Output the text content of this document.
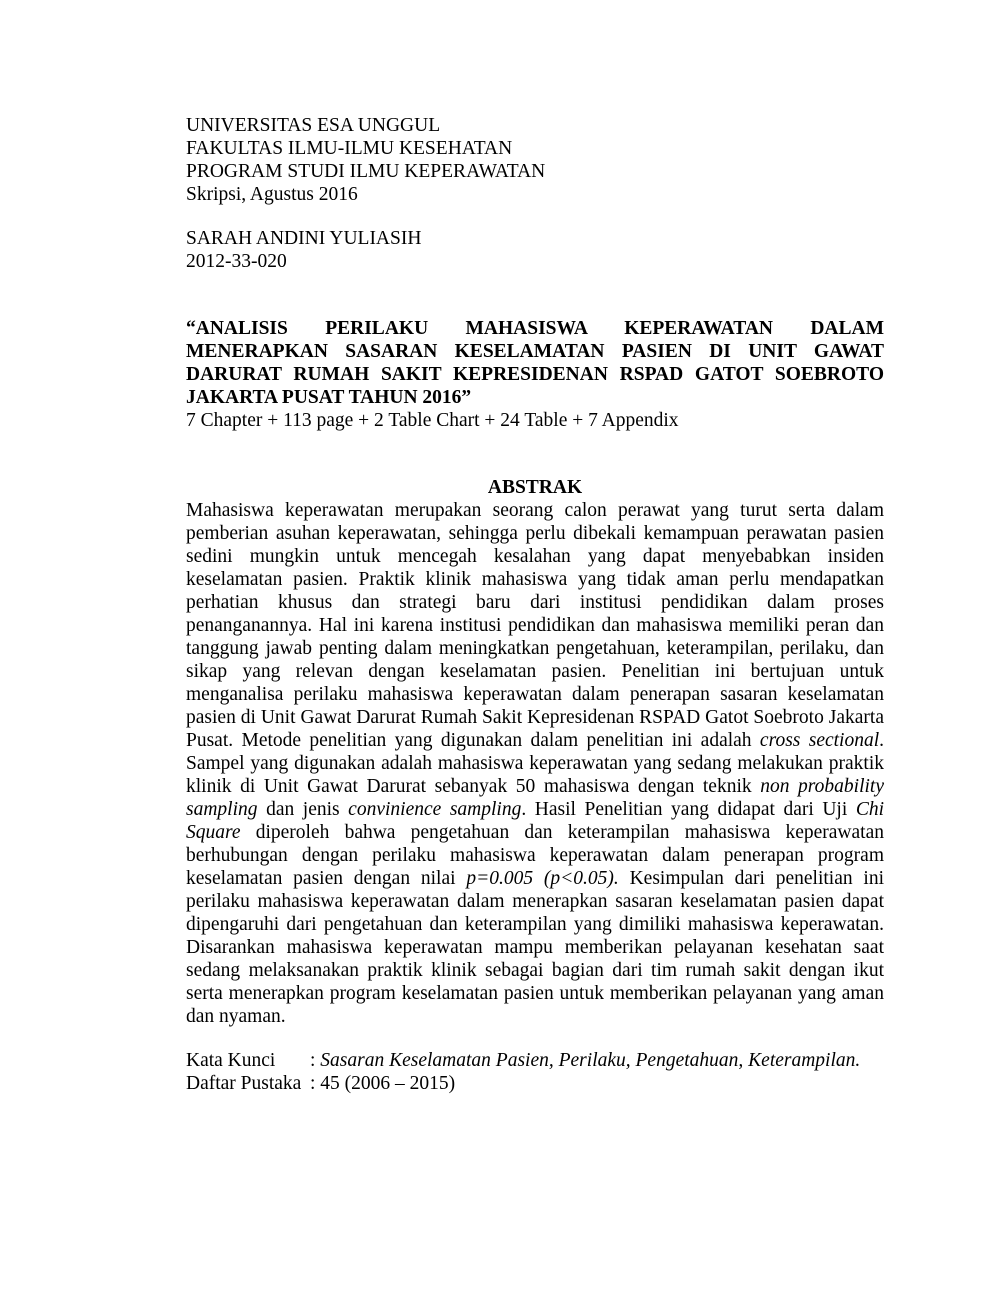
UNIVERSITAS ESA UNGGUL
FAKULTAS ILMU-ILMU KESEHATAN
PROGRAM STUDI ILMU KEPERAWATAN
Skripsi, Agustus 2016
SARAH ANDINI YULIASIH
2012-33-020
“ANALISIS PERILAKU MAHASISWA KEPERAWATAN DALAM MENERAPKAN SASARAN KESELAMATAN PASIEN DI UNIT GAWAT DARURAT RUMAH SAKIT KEPRESIDENAN RSPAD GATOT SOEBROTO JAKARTA PUSAT TAHUN 2016”
7 Chapter + 113 page + 2 Table Chart + 24 Table + 7 Appendix
ABSTRAK
Mahasiswa keperawatan merupakan seorang calon perawat yang turut serta dalam pemberian asuhan keperawatan, sehingga perlu dibekali kemampuan perawatan pasien sedini mungkin untuk mencegah kesalahan yang dapat menyebabkan insiden keselamatan pasien. Praktik klinik mahasiswa yang tidak aman perlu mendapatkan perhatian khusus dan strategi baru dari institusi pendidikan dalam proses penanganannya. Hal ini karena institusi pendidikan dan mahasiswa memiliki peran dan tanggung jawab penting dalam meningkatkan pengetahuan, keterampilan, perilaku, dan sikap yang relevan dengan keselamatan pasien. Penelitian ini bertujuan untuk menganalisa perilaku mahasiswa keperawatan dalam penerapan sasaran keselamatan pasien di Unit Gawat Darurat Rumah Sakit Kepresidenan RSPAD Gatot Soebroto Jakarta Pusat. Metode penelitian yang digunakan dalam penelitian ini adalah cross sectional. Sampel yang digunakan adalah mahasiswa keperawatan yang sedang melakukan praktik klinik di Unit Gawat Darurat sebanyak 50 mahasiswa dengan teknik non probability sampling dan jenis convinience sampling. Hasil Penelitian yang didapat dari Uji Chi Square diperoleh bahwa pengetahuan dan keterampilan mahasiswa keperawatan berhubungan dengan perilaku mahasiswa keperawatan dalam penerapan program keselamatan pasien dengan nilai p=0.005 (p<0.05). Kesimpulan dari penelitian ini perilaku mahasiswa keperawatan dalam menerapkan sasaran keselamatan pasien dapat dipengaruhi dari pengetahuan dan keterampilan yang dimiliki mahasiswa keperawatan. Disarankan mahasiswa keperawatan mampu memberikan pelayanan kesehatan saat sedang melaksanakan praktik klinik sebagai bagian dari tim rumah sakit dengan ikut serta menerapkan program keselamatan pasien untuk memberikan pelayanan yang aman dan nyaman.
Kata Kunci	: Sasaran Keselamatan Pasien, Perilaku, Pengetahuan, Keterampilan.
Daftar Pustaka : 45 (2006 – 2015)
